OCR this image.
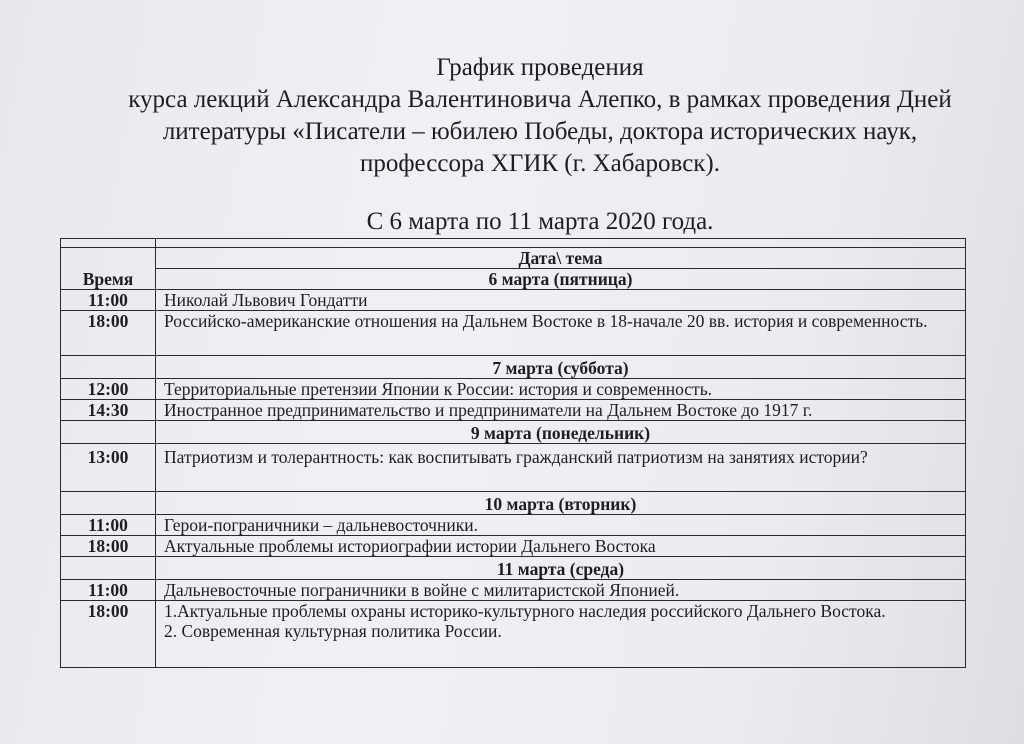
График проведения
курса лекций Александра Валентиновича Алепко, в рамках проведения Дней
литературы «Писатели – юбилею Победы, доктора исторических наук,
профессора ХГИК (г. Хабаровск).
С 6 марта по 11 марта 2020 года.

Время	Дата\ тема
	6 марта (пятница)
11:00	Николай Львович Гондатти
18:00	Российско-американские отношения на Дальнем Востоке в 18-начале 20 вв. история и современность.
	7 марта (суббота)
12:00	Территориальные претензии Японии к России: история и современность.
14:30	Иностранное предпринимательство и предприниматели на Дальнем Востоке до 1917 г.
	9 марта (понедельник)
13:00	Патриотизм и толерантность: как воспитывать гражданский патриотизм на занятиях истории?
	10 марта (вторник)
11:00	Герои-пограничники – дальневосточники.
18:00	Актуальные проблемы историографии истории Дальнего Востока
	11 марта (среда)
11:00	Дальневосточные пограничники в войне с милитаристской Японией.
18:00	1.Актуальные проблемы охраны историко-культурного наследия российского Дальнего Востока.
2. Современная культурная политика России.
